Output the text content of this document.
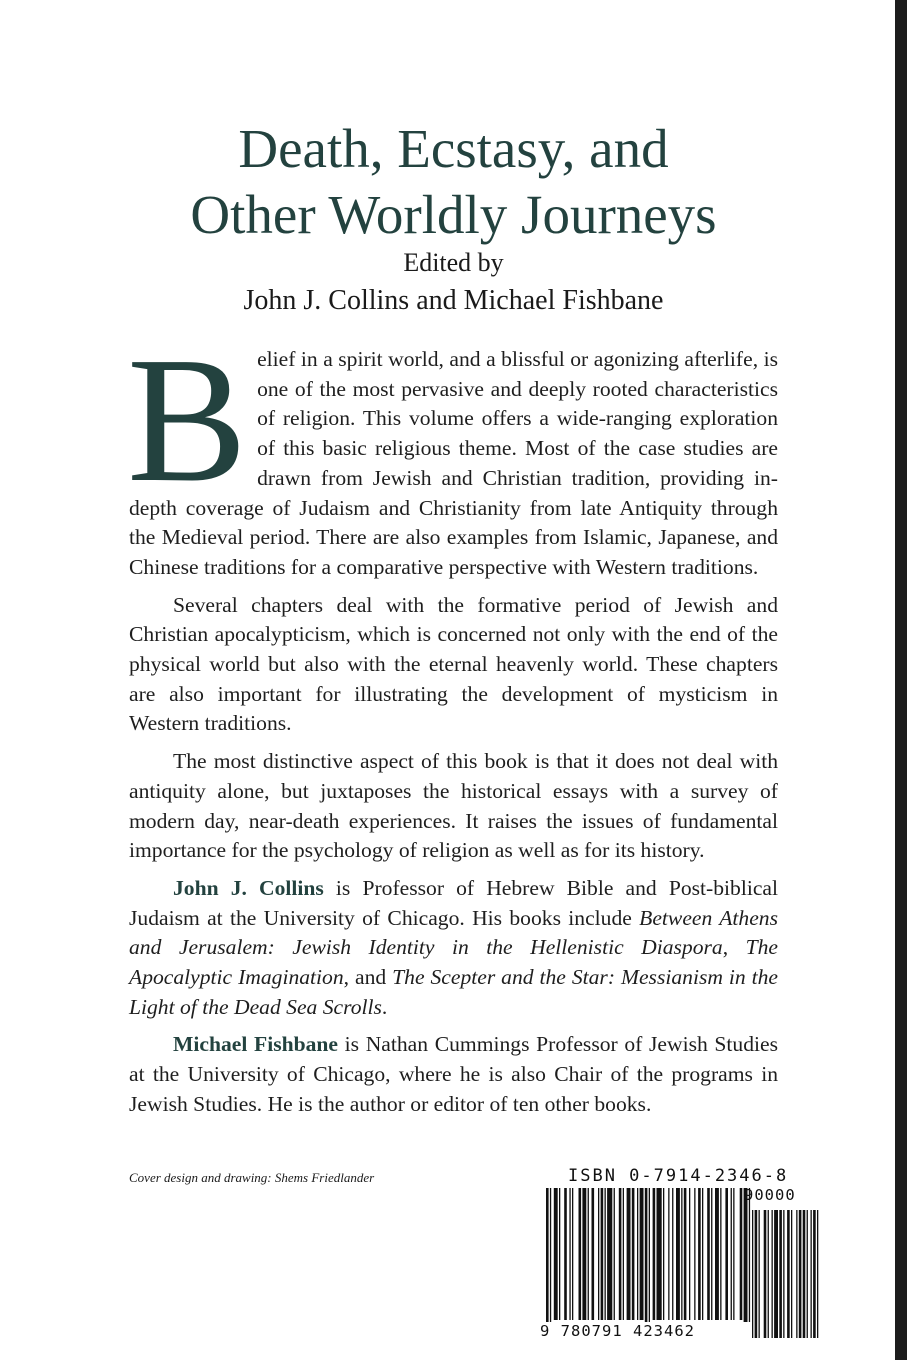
Death, Ecstasy, and
Other Worldly Journeys
Edited by
John J. Collins and Michael Fishbane

Belief in a spirit world, and a blissful or agonizing afterlife, is one of the most pervasive and deeply rooted characteristics of religion. This volume offers a wide-ranging exploration of this basic religious theme. Most of the case studies are drawn from Jewish and Christian tradition, providing in-depth coverage of Judaism and Christianity from late Antiquity through the Medieval period. There are also examples from Islamic, Japanese, and Chinese traditions for a comparative perspective with Western traditions.

Several chapters deal with the formative period of Jewish and Christian apocalypticism, which is concerned not only with the end of the physical world but also with the eternal heavenly world. These chapters are also important for illustrating the development of mysticism in Western traditions.

The most distinctive aspect of this book is that it does not deal with antiquity alone, but juxtaposes the historical essays with a survey of modern day, near-death experiences. It raises the issues of fundamental importance for the psychology of religion as well as for its history.

John J. Collins is Professor of Hebrew Bible and Post-biblical Judaism at the University of Chicago. His books include Between Athens and Jerusalem: Jewish Identity in the Hellenistic Diaspora, The Apocalyptic Imagination, and The Scepter and the Star: Messianism in the Light of the Dead Sea Scrolls.

Michael Fishbane is Nathan Cummings Professor of Jewish Studies at the University of Chicago, where he is also Chair of the programs in Jewish Studies. He is the author or editor of ten other books.

Cover design and drawing: Shems Friedlander	ISBN 0-7914-2346-8
90000
9 780791 423462
